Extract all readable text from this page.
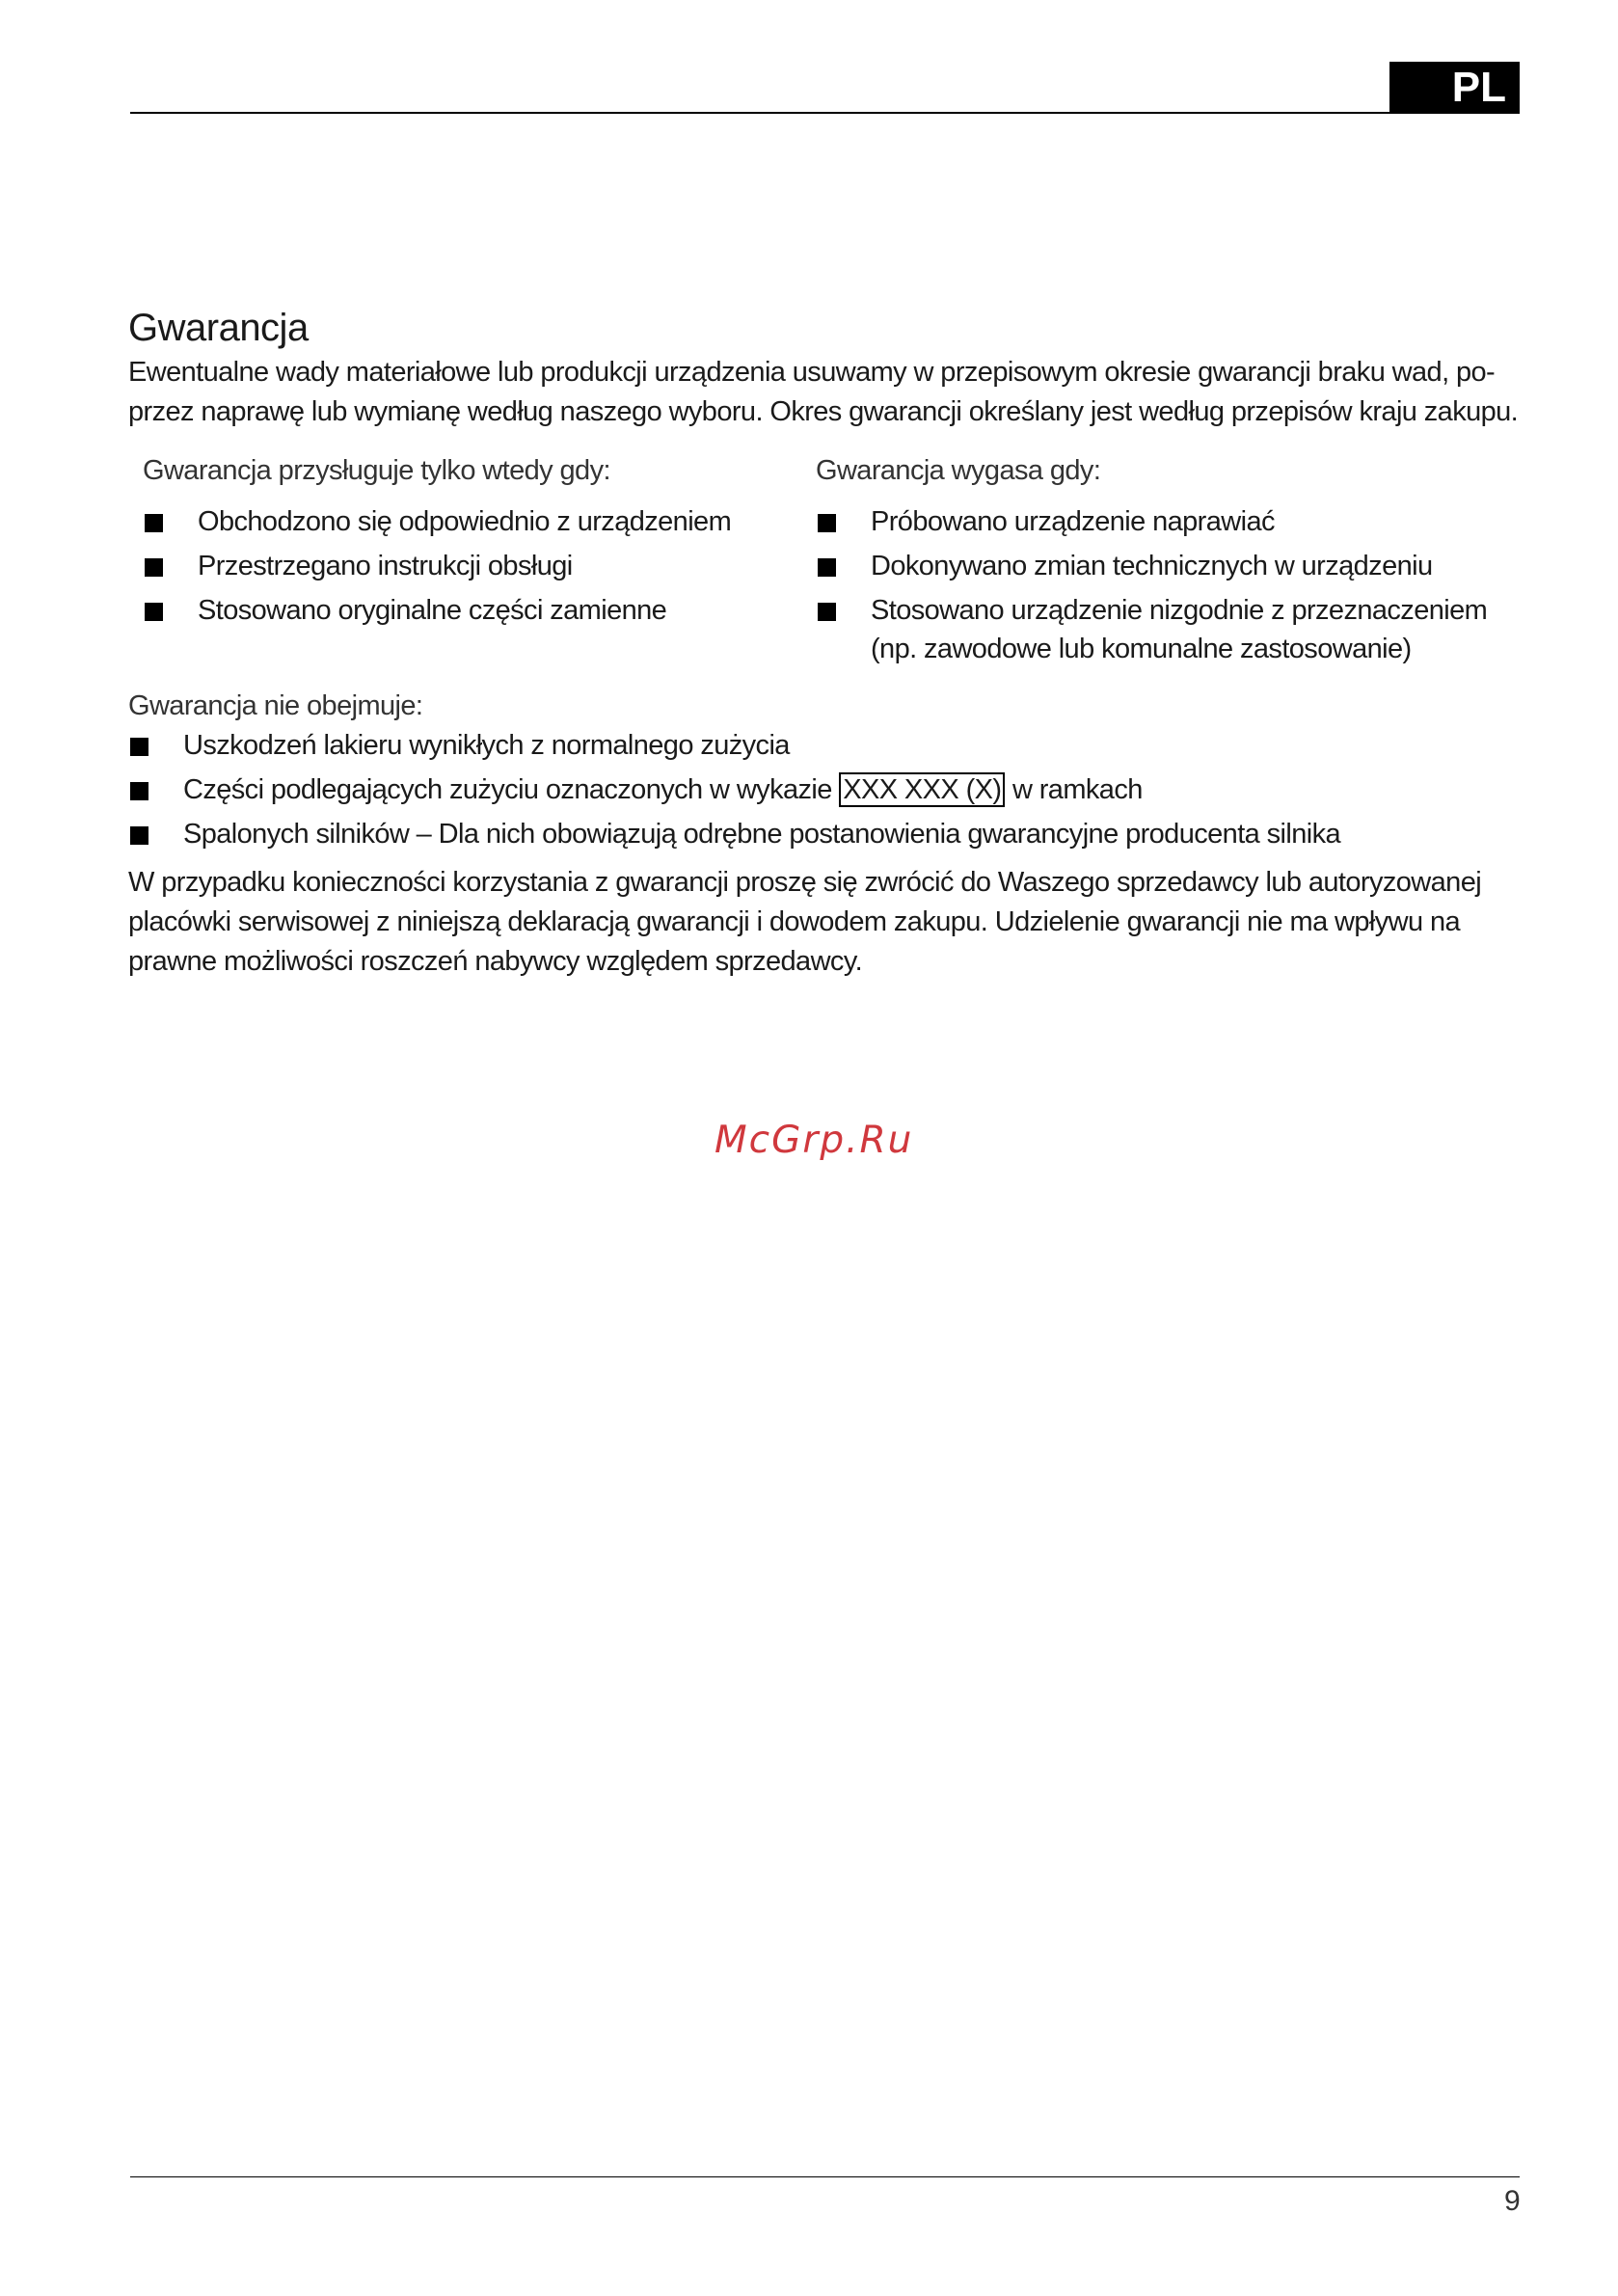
PL
Gwarancja
Ewentualne wady materiałowe lub produkcji urządzenia usuwamy w przepisowym okresie gwarancji braku wad, po-
przez naprawę lub wymianę według naszego wyboru. Okres gwarancji określany jest według przepisów kraju zakupu.
Gwarancja przysługuje tylko wtedy gdy:
Obchodzono się odpowiednio z urządzeniem
Przestrzegano instrukcji obsługi
Stosowano oryginalne części zamienne
Gwarancja wygasa gdy:
Próbowano urządzenie naprawiać
Dokonywano zmian technicznych w urządzeniu
Stosowano urządzenie nizgodnie z przeznaczeniem
(np. zawodowe lub komunalne zastosowanie)
Gwarancja nie obejmuje:
Uszkodzeń lakieru wynikłych z normalnego zużycia
Części podlegających zużyciu oznaczonych w wykazie XXX XXX (X) w ramkach
Spalonych silników – Dla nich obowiązują odrębne postanowienia gwarancyjne producenta silnika
W przypadku konieczności korzystania z gwarancji proszę się zwrócić do Waszego sprzedawcy lub autoryzowanej
placówki serwisowej z niniejszą deklaracją gwarancji i dowodem zakupu. Udzielenie gwarancji nie ma wpływu na
prawne możliwości roszczeń nabywcy względem sprzedawcy.
McGrp.Ru
9
